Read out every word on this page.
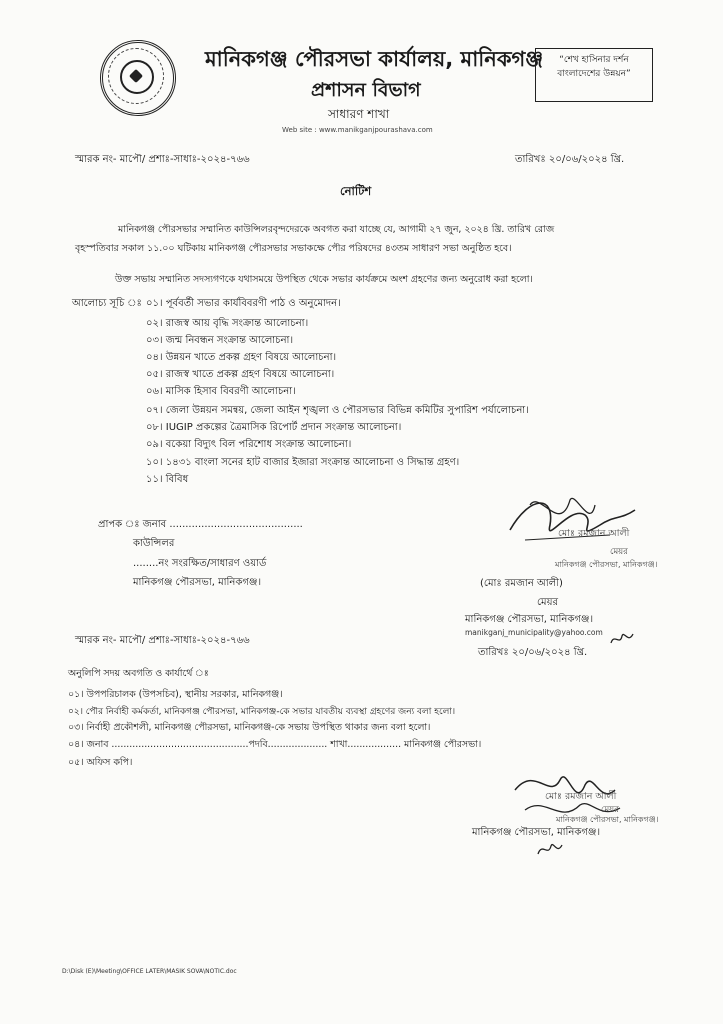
মানিকগঞ্জ পৌরসভা কার্যালয়, মানিকগঞ্জ
প্রশাসন বিভাগ
সাধারণ শাখা
Web site : www.manikganjpourashava.com
“শেখ হাসিনার দর্শন
বাংলাদেশের উন্নয়ন”
স্মারক নং- মাপৌ/ প্রশাঃ-সাধাঃ-২০২৪-৭৬৬	তারিখঃ ২০/০৬/২০২৪ খ্রি.
নোটিশ
মানিকগঞ্জ পৌরসভার সম্মানিত কাউন্সিলরবৃন্দদেরকে অবগত করা যাচ্ছে যে, আগামী ২৭ জুন, ২০২৪ খ্রি. তারিখ রোজ
বৃহস্পতিবার সকাল ১১.০০ ঘটিকায় মানিকগঞ্জ পৌরসভার সভাকক্ষে পৌর পরিষদের ৪৩তম সাধারণ সভা অনুষ্ঠিত হবে।
উক্ত সভায় সম্মানিত সদস্যগণকে যথাসময়ে উপস্থিত থেকে সভার কার্যক্রমে অংশ গ্রহণের জন্য অনুরোধ করা হলো।
আলোচ্য সূচি ঃ ০১। পূর্ববর্তী সভার কার্যবিবরণী পাঠ ও অনুমোদন।
০২। রাজস্ব আয় বৃদ্ধি সংক্রান্ত আলোচনা।
০৩। জন্ম নিবন্ধন সংক্রান্ত আলোচনা।
০৪। উন্নয়ন খাতে প্রকল্প গ্রহণ বিষয়ে আলোচনা।
০৫। রাজস্ব খাতে প্রকল্প গ্রহণ বিষয়ে আলোচনা।
০৬। মাসিক হিসাব বিবরণী আলোচনা।
০৭। জেলা উন্নয়ন সমন্বয়, জেলা আইন শৃঙ্খলা ও পৌরসভার বিভিন্ন কমিটির সুপারিশ পর্যালোচনা।
০৮। IUGIP প্রকল্পের ত্রৈমাসিক রিপোর্ট প্রদান সংক্রান্ত আলোচনা।
০৯। বকেয়া বিদ্যুৎ বিল পরিশোধ সংক্রান্ত আলোচনা।
১০। ১৪৩১ বাংলা সনের হাট বাজার ইজারা সংক্রান্ত আলোচনা ও সিদ্ধান্ত গ্রহণ।
১১। বিবিধ
প্রাপক ঃ জনাব ..........................................
কাউন্সিলর
........নং সংরক্ষিত/সাধারণ ওয়ার্ড
মানিকগঞ্জ পৌরসভা, মানিকগঞ্জ।
মোঃ রমজান আলী
মেয়র
মানিকগঞ্জ পৌরসভা, মানিকগঞ্জ।
(মোঃ রমজান আলী)
মেয়র
মানিকগঞ্জ পৌরসভা, মানিকগঞ্জ।
manikganj_municipality@yahoo.com
স্মারক নং- মাপৌ/ প্রশাঃ-সাধাঃ-২০২৪-৭৬৬
তারিখঃ ২০/০৬/২০২৪ খ্রি.
অনুলিপি সদয় অবগতি ও কার্যার্থে ঃ
০১। উপপরিচালক (উপসচিব), স্থানীয় সরকার, মানিকগঞ্জ।
০২। পৌর নির্বাহী কর্মকর্তা, মানিকগঞ্জ পৌরসভা, মানিকগঞ্জ-কে সভার যাবতীয় ব্যবস্থা গ্রহণের জন্য বলা হলো।
০৩। নির্বাহী প্রকৌশলী, মানিকগঞ্জ পৌরসভা, মানিকগঞ্জ-কে সভায় উপস্থিত থাকার জন্য বলা হলো।
০৪। জনাব ..............................................পদবি.................... শাখা.................. মানিকগঞ্জ পৌরসভা।
০৫। অফিস কপি।
মোঃ রমজান আলী
মেয়র
মানিকগঞ্জ পৌরসভা, মানিকগঞ্জ।
মানিকগঞ্জ পৌরসভা, মানিকগঞ্জ।
D:\Disk (E)\Meeting\OFFICE LATER\MASIK SOVA\NOTIC.doc
